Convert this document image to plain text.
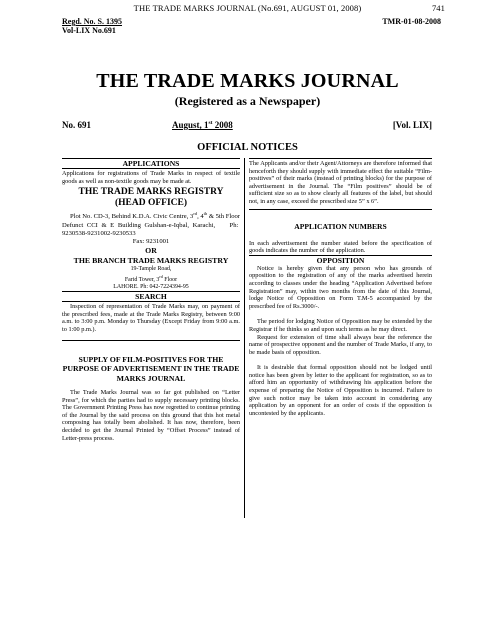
THE TRADE MARKS JOURNAL (No.691, AUGUST 01, 2008)	741
Regd. No. S. 1395
Vol-LIX No.691
TMR-01-08-2008
THE TRADE MARKS JOURNAL
(Registered as a Newspaper)
No. 691	August, 1st 2008	[Vol. LIX]
OFFICIAL NOTICES
APPLICATIONS

Applications for registrations of Trade Marks in respect of textile goods as well as non-textile goods may be made at.

THE TRADE MARKS REGISTRY
(HEAD OFFICE)

Plot No. CD-3, Behind K.D.A. Civic Centre, 3rd, 4th & 5th Floor Defunct CCI & E Building Gulshan-e-Iqbal, Karachi,    Ph:  9230538-9231002-9230533

Fax: 9231001

OR
THE BRANCH TRADE MARKS REGISTRY

19-Tample Road,

Farid Tower, 3rd Floor

LAHORE. Ph: 042-7224394-95

SEARCH

Inspection of representation of Trade Marks may, on payment of the prescribed fees, made at the Trade Marks Registry, between 9:00 a.m. to 3:00 p.m. Monday to Thursday (Except Friday from 9:00 a.m. to 1:00 p.m.).

SUPPLY OF FILM-POSITIVES FOR THE PURPOSE OF ADVERTISEMENT IN THE TRADE MARKS JOURNAL

The Trade Marks Journal was so far got published on “Letter Press”, for which the parties had to supply necessary printing blocks. The Government Printing Press has now regretted to continue printing of the Journal by the said process on this ground that this hot metal composing has totally been abolished. It has now, therefore, been decided to get the Journal Printed by “Offset Process” instead of Letter-press process.

The Applicants and/or their Agent/Attorneys are therefore informed that henceforth they should supply with immediate effect the suitable “Film-positives” of their marks (instead of printing blocks) for the purpose of advertisement in the Journal. The “Film positives” should be of sufficient size so as to show clearly all features of the label, but should not, in any case, exceed the prescribed size 5” x 6”.

APPLICATION NUMBERS

In each advertisement the number stated before the specification of goods indicates the number of the application.

OPPOSITION

Notice is hereby given that any person who has grounds of opposition to the registration of any of the marks advertised herein according to classes under the heading “Application Advertised before Registration” may, within two months from the date of this Journal, lodge Notice of Opposition on Form T.M-5 accompanied by the prescribed fee of Rs.3000/-.

The period for lodging Notice of Opposition may be extended by the Registrar if he thinks so and upon such terms as he may direct.

Request for extension of time shall always bear the reference the name of prospective opponent and the number of Trade Marks, if any, to be made basis of opposition.

It is desirable that formal opposition should not be lodged until notice has been given by letter to the applicant for registration, so as to afford him an opportunity of withdrawing his application before the expense of preparing the Notice of Opposition is incurred. Failure to give such notice may be taken into account in considering any application by an opponent for an order of costs if the opposition is uncontested by the applicants.
